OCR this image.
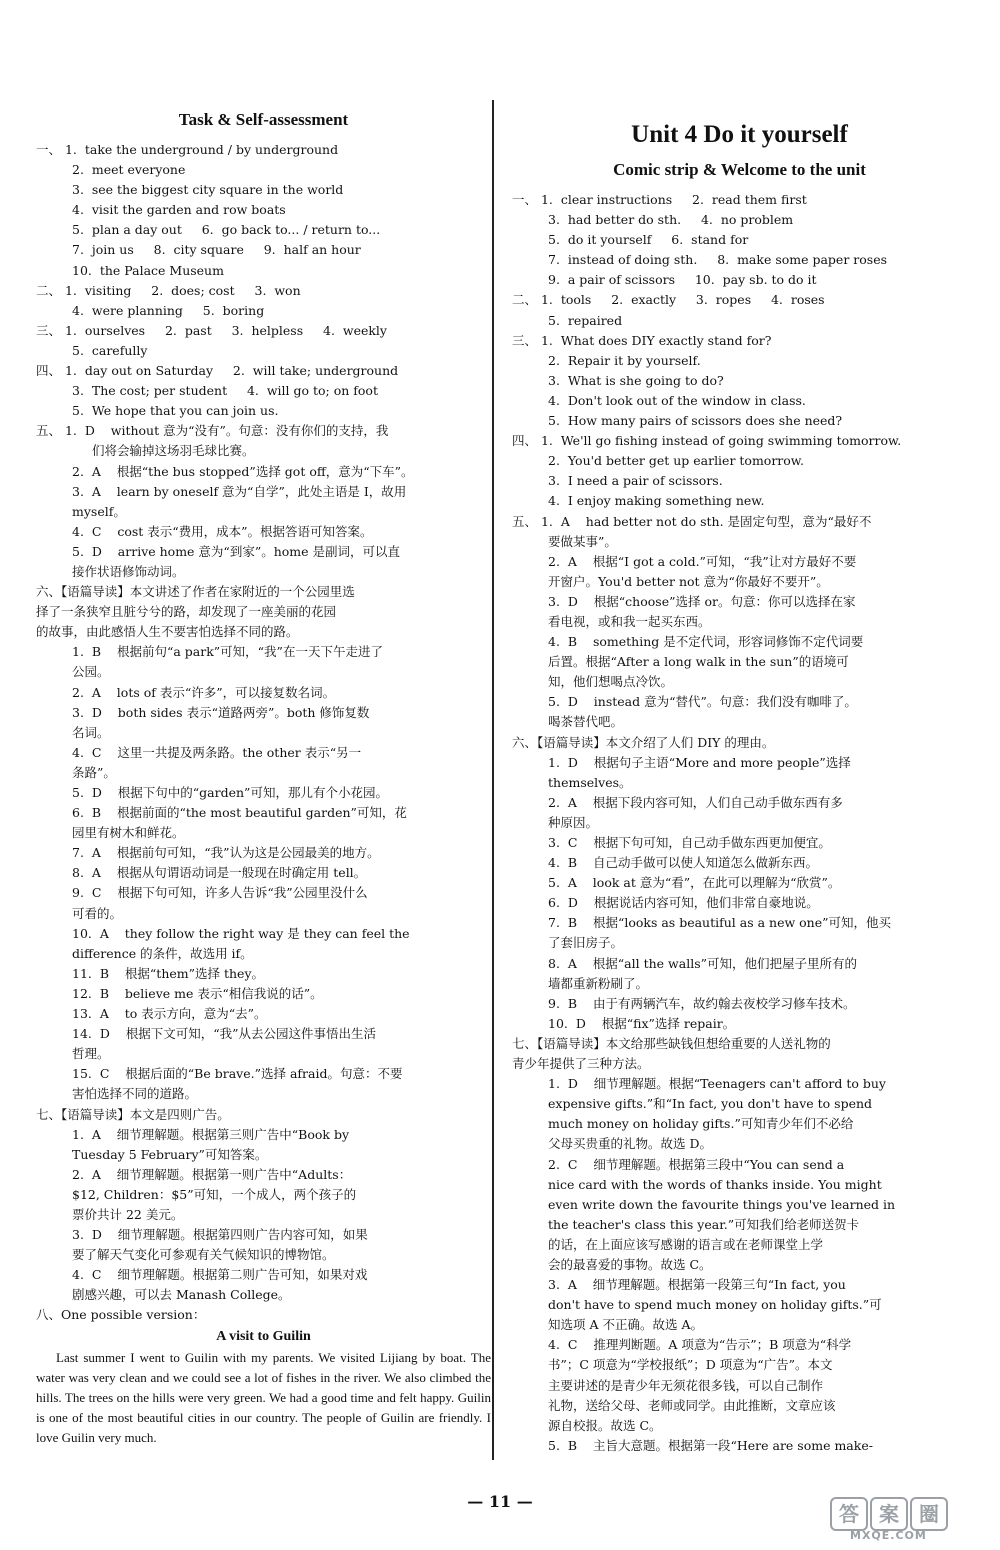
Task & Self-assessment
一、 1.  take the underground / by underground
2.  meet everyone
3.  see the biggest city square in the world
4.  visit the garden and row boats
5.  plan a day out     6.  go back to... / return to...
7.  join us     8.  city square     9.  half an hour
10.  the Palace Museum
二、 1.  visiting     2.  does; cost     3.  won
4.  were planning     5.  boring
三、 1.  ourselves     2.  past     3.  helpless     4.  weekly
5.  carefully
四、 1.  day out on Saturday     2.  will take; underground
3.  The cost; per student     4.  will go to; on foot
5.  We hope that you can join us.
五、 1.  D    without 意为“没有”。句意：没有你们的支持，我
们将会输掉这场羽毛球比赛。
2.  A    根据“the bus stopped”选择 got off，意为“下车”。
3.  A    learn by oneself 意为“自学”，此处主语是 I，故用
myself。
4.  C    cost 表示“费用，成本”。根据答语可知答案。
5.  D    arrive home 意为“到家”。home 是副词，可以直
接作状语修饰动词。
六、【语篇导读】本文讲述了作者在家附近的一个公园里选
择了一条狭窄且脏兮兮的路，却发现了一座美丽的花园
的故事，由此感悟人生不要害怕选择不同的路。
1.  B    根据前句“a park”可知，“我”在一天下午走进了
公园。
2.  A    lots of 表示“许多”，可以接复数名词。
3.  D    both sides 表示“道路两旁”。both 修饰复数
名词。
4.  C    这里一共提及两条路。the other 表示“另一
条路”。
5.  D    根据下句中的“garden”可知，那儿有个小花园。
6.  B    根据前面的“the most beautiful garden”可知，花
园里有树木和鲜花。
7.  A    根据前句可知，“我”认为这是公园最美的地方。
8.  A    根据从句谓语动词是一般现在时确定用 tell。
9.  C    根据下句可知，许多人告诉“我”公园里没什么
可看的。
10.  A    they follow the right way 是 they can feel the
difference 的条件，故选用 if。
11.  B    根据“them”选择 they。
12.  B    believe me 表示“相信我说的话”。
13.  A    to 表示方向，意为“去”。
14.  D    根据下文可知，“我”从去公园这件事悟出生活
哲理。
15.  C    根据后面的“Be brave.”选择 afraid。句意：不要
害怕选择不同的道路。
七、【语篇导读】本文是四则广告。
1.  A    细节理解题。根据第三则广告中“Book by
Tuesday 5 February”可知答案。
2.  A    细节理解题。根据第一则广告中“Adults：
$12, Children：$5”可知，一个成人，两个孩子的
票价共计 22 美元。
3.  D    细节理解题。根据第四则广告内容可知，如果
要了解天气变化可参观有关气候知识的博物馆。
4.  C    细节理解题。根据第二则广告可知，如果对戏
剧感兴趣，可以去 Manash College。
八、One possible version：
A visit to Guilin
Last summer I went to Guilin with my parents. We visited Lijiang by boat. The water was very clean and we could see a lot of fishes in the river. We also climbed the hills. The trees on the hills were very green. We had a good time and felt happy. Guilin is one of the most beautiful cities in our country. The people of Guilin are friendly. I love Guilin very much.
Unit 4 Do it yourself
Comic strip & Welcome to the unit
一、 1.  clear instructions     2.  read them first
3.  had better do sth.     4.  no problem
5.  do it yourself     6.  stand for
7.  instead of doing sth.     8.  make some paper roses
9.  a pair of scissors     10.  pay sb. to do it
二、 1.  tools     2.  exactly     3.  ropes     4.  roses
5.  repaired
三、 1.  What does DIY exactly stand for?
2.  Repair it by yourself.
3.  What is she going to do?
4.  Don't look out of the window in class.
5.  How many pairs of scissors does she need?
四、 1.  We'll go fishing instead of going swimming tomorrow.
2.  You'd better get up earlier tomorrow.
3.  I need a pair of scissors.
4.  I enjoy making something new.
五、 1.  A    had better not do sth. 是固定句型，意为“最好不
要做某事”。
2.  A    根据“I got a cold.”可知，“我”让对方最好不要
开窗户。You'd better not 意为“你最好不要开”。
3.  D    根据“choose”选择 or。句意：你可以选择在家
看电视，或和我一起买东西。
4.  B    something 是不定代词，形容词修饰不定代词要
后置。根据“After a long walk in the sun”的语境可
知，他们想喝点冷饮。
5.  D    instead 意为“替代”。句意：我们没有咖啡了。
喝茶替代吧。
六、【语篇导读】本文介绍了人们 DIY 的理由。
1.  D    根据句子主语“More and more people”选择
themselves。
2.  A    根据下段内容可知，人们自己动手做东西有多
种原因。
3.  C    根据下句可知，自己动手做东西更加便宜。
4.  B    自己动手做可以使人知道怎么做新东西。
5.  A    look at 意为“看”，在此可以理解为“欣赏”。
6.  D    根据说话内容可知，他们非常自豪地说。
7.  B    根据“looks as beautiful as a new one”可知，他买
了套旧房子。
8.  A    根据“all the walls”可知，他们把屋子里所有的
墙都重新粉刷了。
9.  B    由于有两辆汽车，故约翰去夜校学习修车技术。
10.  D    根据“fix”选择 repair。
七、【语篇导读】本文给那些缺钱但想给重要的人送礼物的
青少年提供了三种方法。
1.  D    细节理解题。根据“Teenagers can't afford to buy
expensive gifts.”和“In fact, you don't have to spend
much money on holiday gifts.”可知青少年们不必给
父母买贵重的礼物。故选 D。
2.  C    细节理解题。根据第三段中“You can send a
nice card with the words of thanks inside. You might
even write down the favourite things you've learned in
the teacher's class this year.”可知我们给老师送贺卡
的话，在上面应该写感谢的语言或在老师课堂上学
会的最喜爱的事物。故选 C。
3.  A    细节理解题。根据第一段第三句“In fact, you
don't have to spend much money on holiday gifts.”可
知选项 A 不正确。故选 A。
4.  C    推理判断题。A 项意为“告示”；B 项意为“科学
书”；C 项意为“学校报纸”；D 项意为“广告”。本文
主要讲述的是青少年无须花很多钱，可以自己制作
礼物，送给父母、老师或同学。由此推断，文章应该
源自校报。故选 C。
5.  B    主旨大意题。根据第一段“Here are some make-
— 11 —
答	案	圈
MXQE.COM
